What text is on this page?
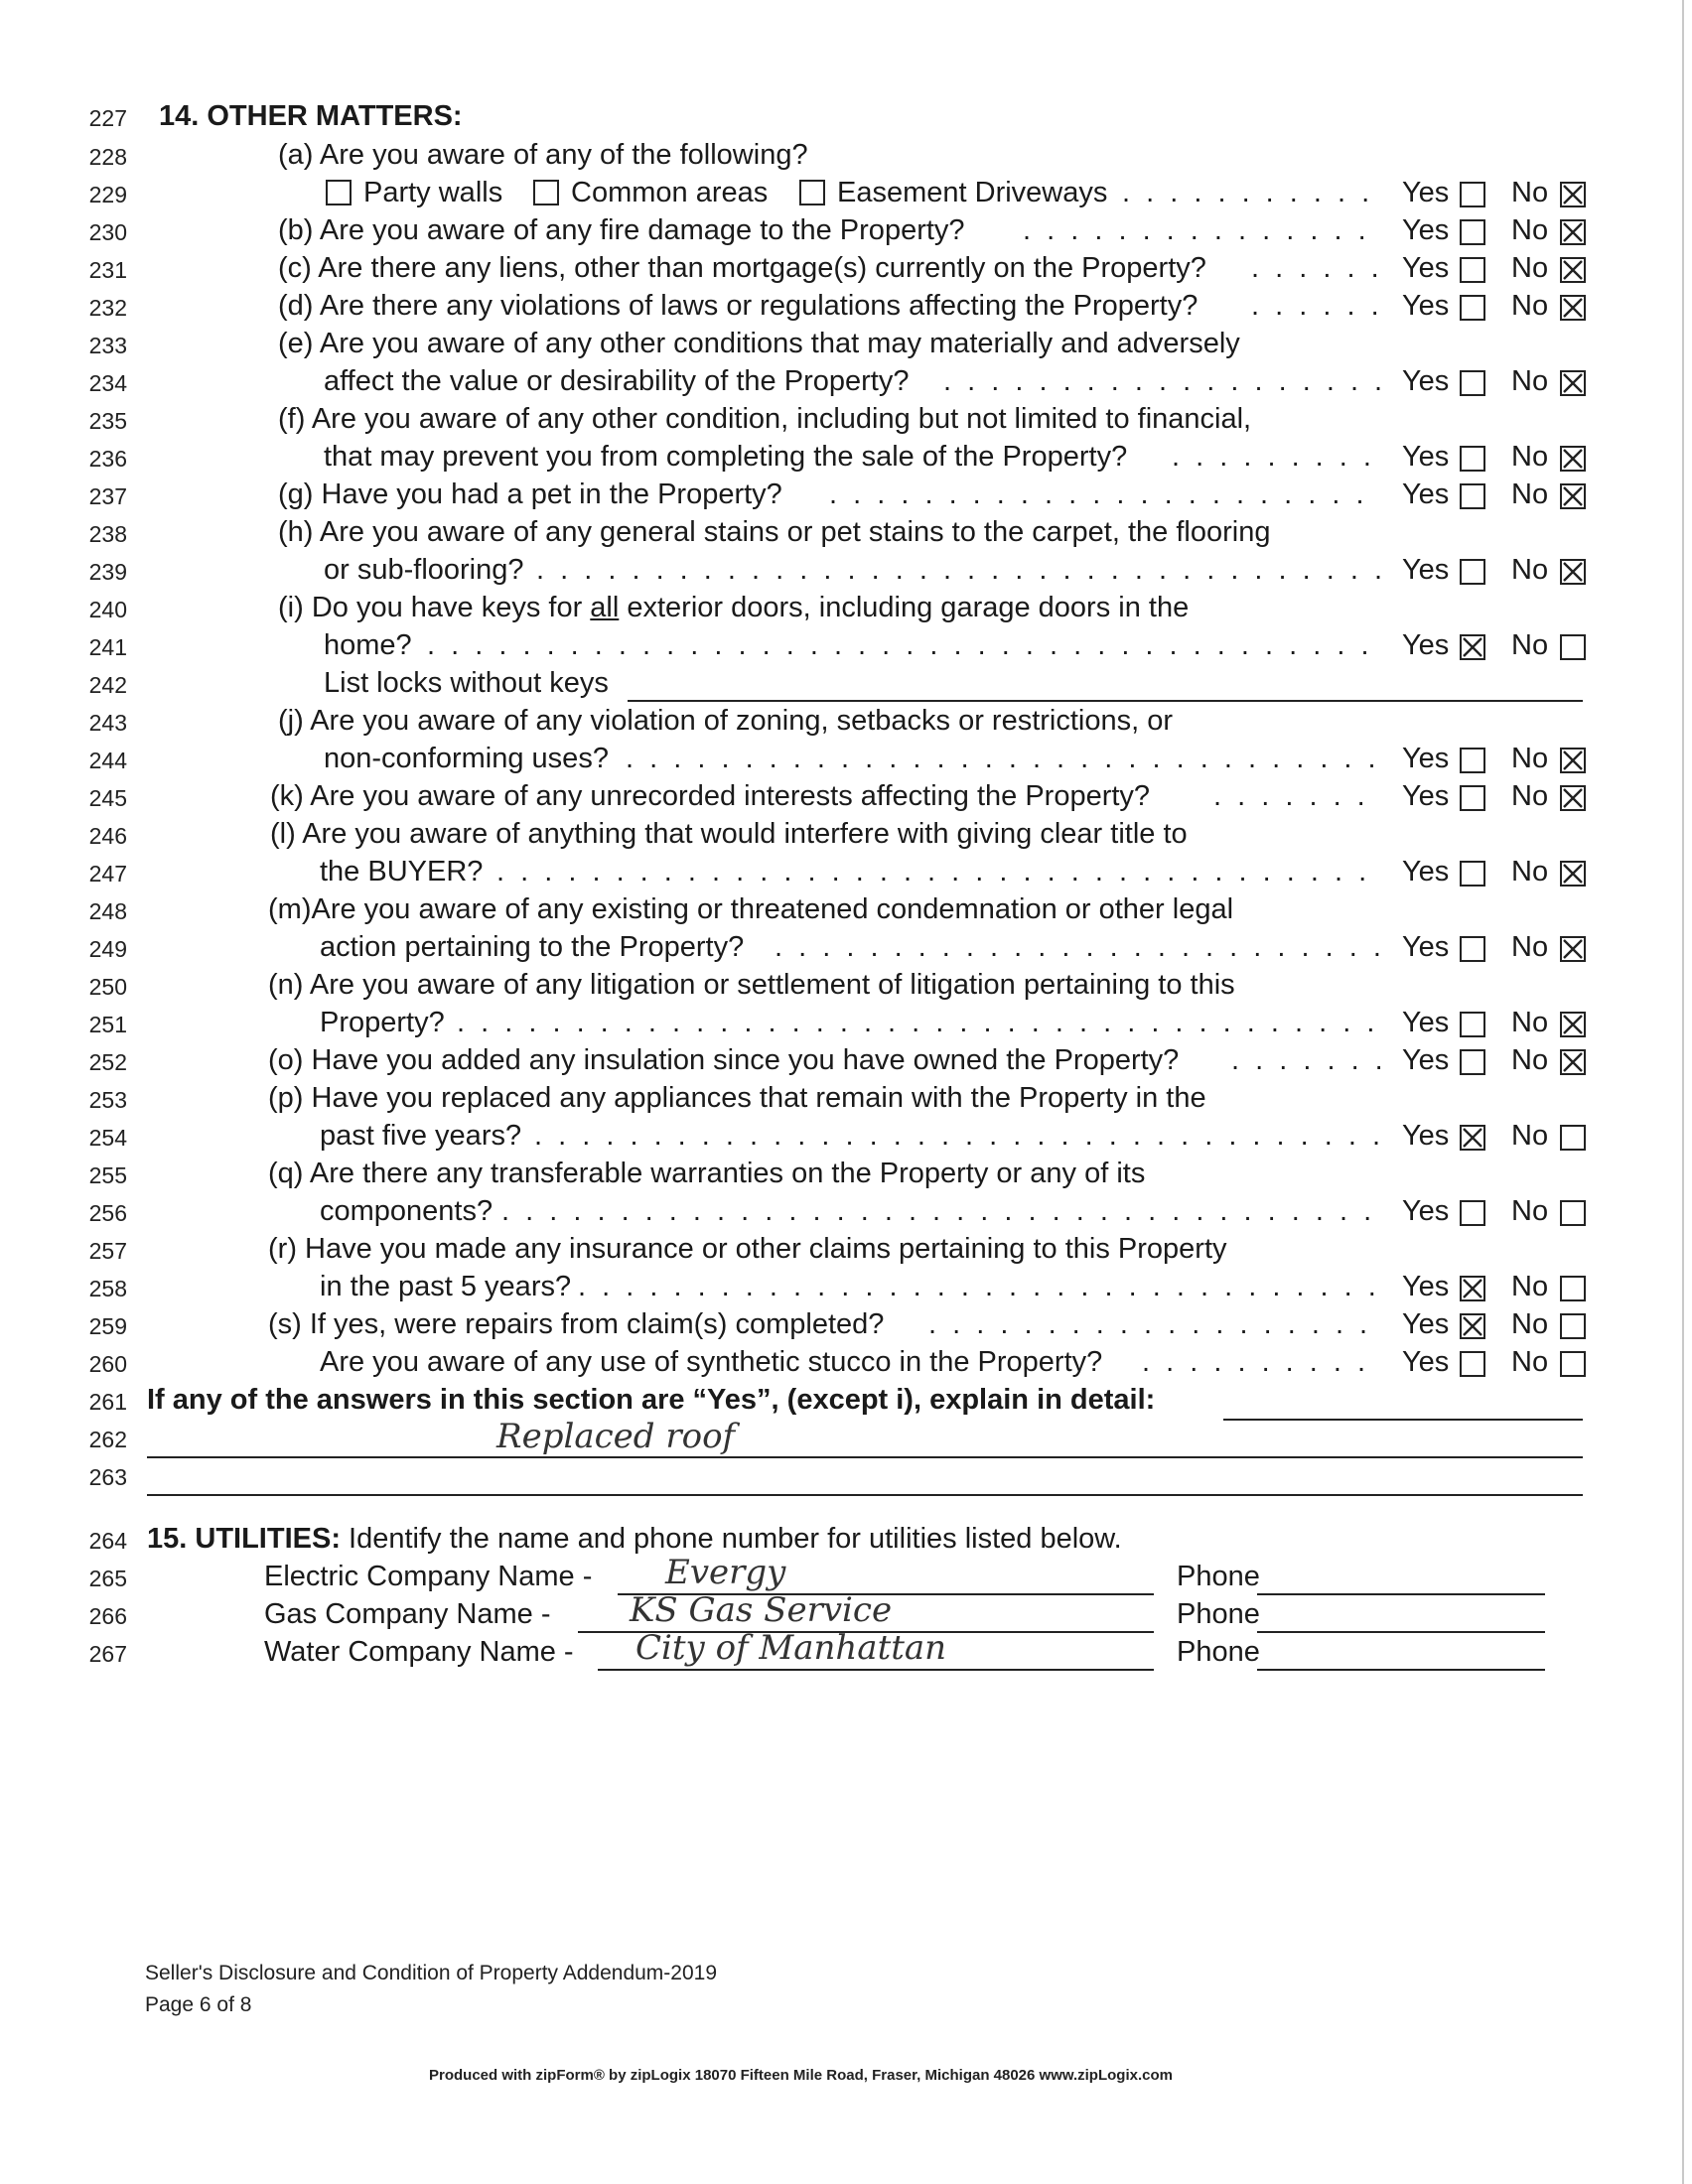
227 14. OTHER MATTERS:
228	(a) Are you aware of any of the following?
229	Party walls Common areas Easement Driveways . . . . . . . . . . . Yes No
230	(b) Are you aware of any fire damage to the Property? . . . . . . . . . . . . . . . Yes No
231	(c) Are there any liens, other than mortgage(s) currently on the Property? . . . . . . Yes No
232	(d) Are there any violations of laws or regulations affecting the Property? . . . . . . Yes No
233	(e) Are you aware of any other conditions that may materially and adversely
234	affect the value or desirability of the Property? . . . . . . . . . . . . . . . . . . . Yes No
235	(f) Are you aware of any other condition, including but not limited to financial,
236	that may prevent you from completing the sale of the Property? . . . . . . . . . Yes No
237	(g) Have you had a pet in the Property? . . . . . . . . . . . . . . . . . . . . . . . Yes No
238	(h) Are you aware of any general stains or pet stains to the carpet, the flooring
239	or sub-flooring? . . . . . . . . . . . . . . . . . . . . . . . . . . . . . . . . . . . . Yes No
240	(i) Do you have keys for all exterior doors, including garage doors in the
241	home? . . . . . . . . . . . . . . . . . . . . . . . . . . . . . . . . . . . . . . . . Yes No
242	List locks without keys
243	(j) Are you aware of any violation of zoning, setbacks or restrictions, or
244	non-conforming uses? . . . . . . . . . . . . . . . . . . . . . . . . . . . . . . . . Yes No
245	(k) Are you aware of any unrecorded interests affecting the Property? . . . . . . . Yes No
246	(l) Are you aware of anything that would interfere with giving clear title to
247	the BUYER? . . . . . . . . . . . . . . . . . . . . . . . . . . . . . . . . . . . . . Yes No
248	(m)Are you aware of any existing or threatened condemnation or other legal
249	action pertaining to the Property? . . . . . . . . . . . . . . . . . . . . . . . . . . Yes No
250	(n) Are you aware of any litigation or settlement of litigation pertaining to this
251	Property? . . . . . . . . . . . . . . . . . . . . . . . . . . . . . . . . . . . . . . . Yes No
252	(o) Have you added any insulation since you have owned the Property? . . . . . . . Yes No
253	(p) Have you replaced any appliances that remain with the Property in the
254	past five years? . . . . . . . . . . . . . . . . . . . . . . . . . . . . . . . . . . . . Yes No
255	(q) Are there any transferable warranties on the Property or any of its
256	components? . . . . . . . . . . . . . . . . . . . . . . . . . . . . . . . . . . . . . Yes No
257	(r) Have you made any insurance or other claims pertaining to this Property
258	in the past 5 years? . . . . . . . . . . . . . . . . . . . . . . . . . . . . . . . . . . Yes No
259	(s) If yes, were repairs from claim(s) completed? . . . . . . . . . . . . . . . . . . . Yes No
260	Are you aware of any use of synthetic stucco in the Property? . . . . . . . . . . Yes No
261 If any of the answers in this section are “Yes”, (except i), explain in detail:
262	Replaced roof
263
264 15. UTILITIES: Identify the name and phone number for utilities listed below.
265	Electric Company Name - Evergy	Phone
266	Gas Company Name - KS Gas Service	Phone
267	Water Company Name - City of Manhattan	Phone
Seller's Disclosure and Condition of Property Addendum-2019
Page 6 of 8
Produced with zipForm® by zipLogix 18070 Fifteen Mile Road, Fraser, Michigan 48026 www.zipLogix.com
